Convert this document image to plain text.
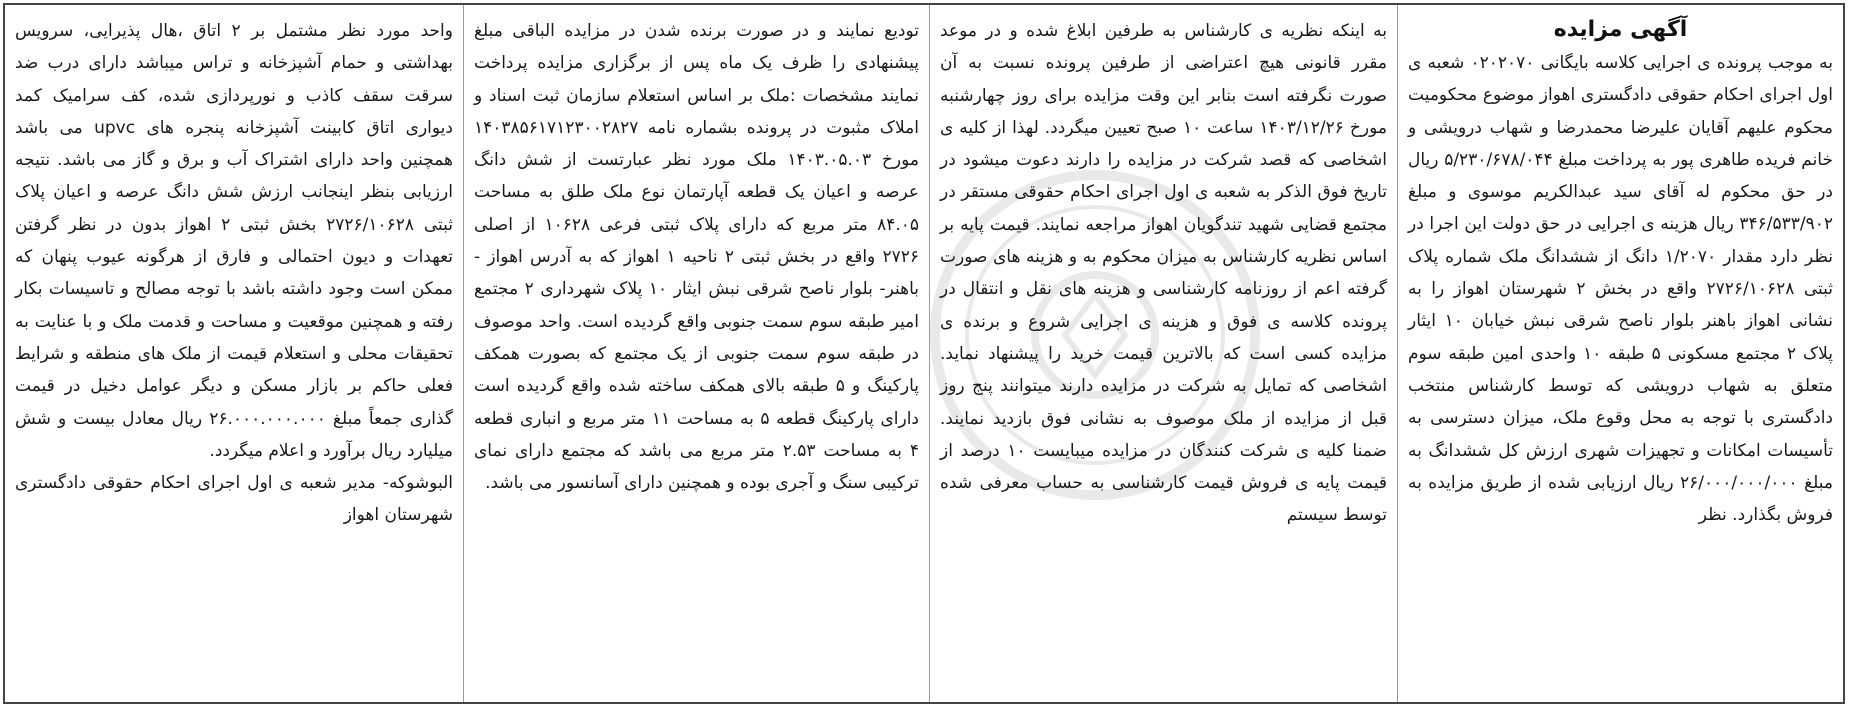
آگهی مزایده

به موجب پرونده ی اجرایی کلاسه بایگانی ۰۲۰۲۰۷۰ شعبه ی اول اجرای احکام حقوقی دادگستری اهواز موضوع محکومیت محکوم علیهم آقایان علیرضا محمدرضا و شهاب درویشی و خانم فریده طاهری پور به پرداخت مبلغ ۵/۲۳۰/۶۷۸/۰۴۴ ریال در حق محکوم له آقای سید عبدالکریم موسوی و مبلغ ۳۴۶/۵۳۳/۹۰۲ ریال هزینه ی اجرایی در حق دولت این اجرا در نظر دارد مقدار ۱/۲۰۷۰ دانگ از ششدانگ ملک شماره پلاک ثبتی ۲۷۲۶/۱۰۶۲۸ واقع در بخش ۲ شهرستان اهواز را به نشانی اهواز باهنر بلوار ناصح شرقی نبش خیابان ۱۰ ایثار پلاک ۲ مجتمع مسکونی ۵ طبقه ۱۰ واحدی امین طبقه سوم متعلق به شهاب درویشی که توسط کارشناس منتخب دادگستری با توجه به محل وقوع ملک، میزان دسترسی به تأسیسات امکانات و تجهیزات شهری ارزش کل ششدانگ به مبلغ ۲۶/۰۰۰/۰۰۰/۰۰۰ ریال ارزیابی شده از طریق مزایده به فروش بگذارد. نظر

به اینکه نظریه ی کارشناس به طرفین ابلاغ شده و در موعد مقرر قانونی هیچ اعتراضی از طرفین پرونده نسبت به آن صورت نگرفته است بنابر این وقت مزایده برای روز چهارشنبه مورخ ۱۴۰۳/۱۲/۲۶ ساعت ۱۰ صبح تعیین میگردد. لهذا از کلیه ی اشخاصی که قصد شرکت در مزایده را دارند دعوت میشود در تاریخ فوق الذکر به شعبه ی اول اجرای احکام حقوقی مستقر در مجتمع قضایی شهید تندگویان اهواز مراجعه نمایند. قیمت پایه بر اساس نظریه کارشناس به میزان محکوم به و هزینه های صورت گرفته اعم از روزنامه کارشناسی و هزینه های نقل و انتقال در پرونده کلاسه ی فوق و هزینه ی اجرایی شروع و برنده ی مزایده کسی است که بالاترین قیمت خرید را پیشنهاد نماید. اشخاصی که تمایل به شرکت در مزایده دارند میتوانند پنج روز قبل از مزایده از ملک موصوف به نشانی فوق بازدید نمایند. ضمنا کلیه ی شرکت کنندگان در مزایده میبایست ۱۰ درصد از قیمت پایه ی فروش قیمت کارشناسی به حساب معرفی شده توسط سیستم

توديع نمايند و در صورت برنده شدن در مزایده الباقی مبلغ پیشنهادی را ظرف یک ماه پس از برگزاری مزایده پرداخت نمایند مشخصات :ملک بر اساس استعلام سازمان ثبت اسناد و املاک مثبوت در پرونده بشماره نامه ۱۴۰۳۸۵۶۱۷۱۲۳۰۰۲۸۲۷ مورخ ۱۴۰۳.۰۵.۰۳ ملک مورد نظر عبارتست از شش دانگ عرصه و اعیان یک قطعه آپارتمان نوع ملک طلق به مساحت ۸۴.۰۵ متر مربع که دارای پلاک ثبتی فرعی ۱۰۶۲۸ از اصلی ۲۷۲۶ واقع در بخش ثبتی ۲ ناحیه ۱ اهواز که به آدرس اهواز - باهنر- بلوار ناصح شرقی نبش ایثار ۱۰ پلاک شهرداری ۲ مجتمع امیر طبقه سوم سمت جنوبی واقع گردیده است. واحد موصوف در طبقه سوم سمت جنوبی از یک مجتمع که بصورت همکف پارکینگ و ۵ طبقه بالای همکف ساخته شده واقع گردیده است دارای پارکینگ قطعه ۵ به مساحت ۱۱ متر مربع و انباری قطعه ۴ به مساحت ۲.۵۳ متر مربع می باشد که مجتمع دارای نمای ترکیبی سنگ و آجری بوده و همچنین دارای آسانسور می باشد.

واحد مورد نظر مشتمل بر ۲ اتاق ،هال پذیرایی، سرویس بهداشتی و حمام آشپزخانه و تراس میباشد دارای درب ضد سرقت سقف کاذب و نورپردازی شده، کف سرامیک کمد دیواری اتاق کابینت آشپزخانه پنجره های upvc می باشد همچنین واحد دارای اشتراک آب و برق و گاز می باشد. نتیجه ارزیابی بنظر اینجانب ارزش شش دانگ عرصه و اعیان پلاک ثبتی ۲۷۲۶/۱۰۶۲۸ بخش ثبتی ۲ اهواز بدون در نظر گرفتن تعهدات و دیون احتمالی و فارق از هرگونه عیوب پنهان که ممکن است وجود داشته باشد با توجه مصالح و تاسیسات بکار رفته و همچنین موقعیت و مساحت و قدمت ملک و با عنایت به تحقیقات محلی و استعلام قیمت از ملک های منطقه و شرایط فعلی حاکم بر بازار مسکن و دیگر عوامل دخیل در قیمت گذاری جمعاً مبلغ ۲۶.۰۰۰.۰۰۰.۰۰۰ ریال معادل بیست و شش میلیارد ریال برآورد و اعلام میگردد.

البوشوکه- مدیر شعبه ی اول اجرای احکام حقوقی دادگستری شهرستان اهواز
